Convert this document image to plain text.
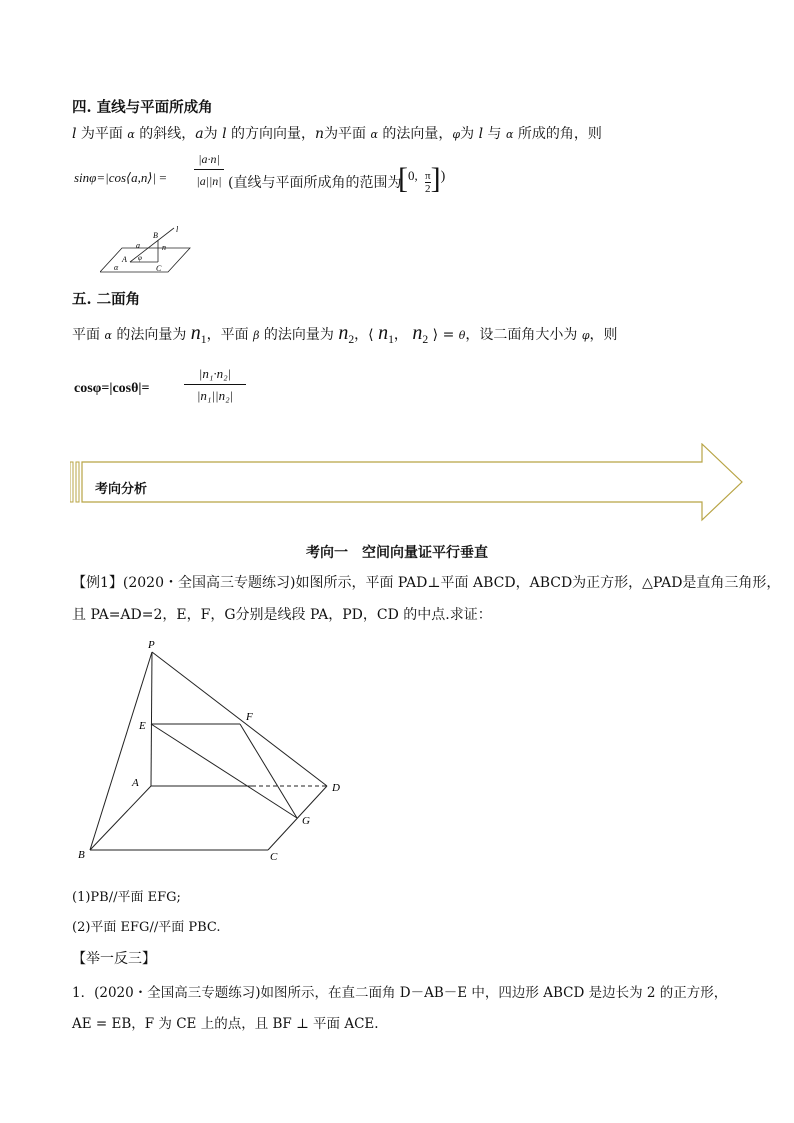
四. 直线与平面所成角
l 为平面 α 的斜线，a为 l 的方向向量，n为平面 α 的法向量，φ为 l 与 α 所成的角，则
sinφ=|cos⟨a,n⟩| = $\frac{|a\cdot n|}{|a||n|}$ (直线与平面所成角的范围为
[0, $\frac{\pi}{2}$ ])
B
l
n
a
A φ
α	C
五. 二面角
平面 α 的法向量为 $n_1$，平面 β 的法向量为 $n_2$，⟨ $n_1$， $n_2$ ⟩ = θ，设二面角大小为 φ，则
cosφ=|cosθ|=
|n₁·n₂|
|n₁||n₂|
考向分析
考向一　空间向量证平行垂直
【例1】(2020・全国高三专题练习)如图所示，平面 PAD⊥平面 ABCD，ABCD为正方形，△PAD是直角三角形，
且 PA=AD=2，E，F，G分别是线段 PA，PD，CD 的中点.求证：
P
E
F
A	D
G
B	C
(1)PB//平面 EFG;
(2)平面 EFG//平面 PBC.
【举一反三】
1．(2020・全国高三专题练习)如图所示，在直二面角 D－AB－E 中，四边形 ABCD 是边长为 2 的正方形，
AE = EB，F 为 CE 上的点，且 BF ⊥ 平面 ACE.
